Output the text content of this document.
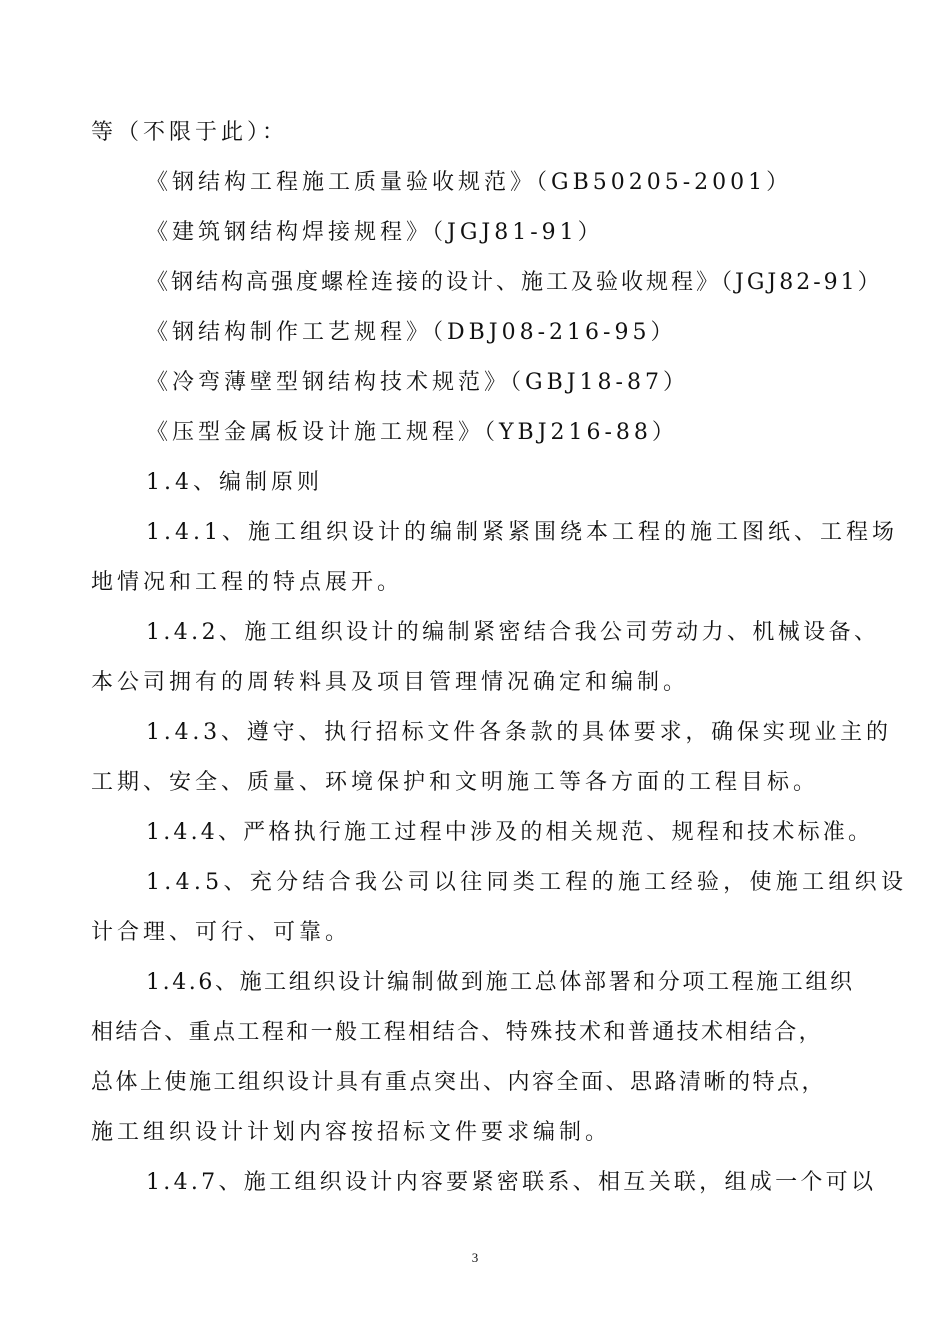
等（不限于此）：
《钢结构工程施工质量验收规范》（GB50205-2001）
《建筑钢结构焊接规程》（JGJ81-91）
《钢结构高强度螺栓连接的设计、施工及验收规程》（JGJ82-91）
《钢结构制作工艺规程》（DBJ08-216-95）
《冷弯薄壁型钢结构技术规范》（GBJ18-87）
《压型金属板设计施工规程》（YBJ216-88）
1.4、编制原则
1.4.1、施工组织设计的编制紧紧围绕本工程的施工图纸、工程场
地情况和工程的特点展开。
1.4.2、施工组织设计的编制紧密结合我公司劳动力、机械设备、
本公司拥有的周转料具及项目管理情况确定和编制。
1.4.3、遵守、执行招标文件各条款的具体要求，确保实现业主的
工期、安全、质量、环境保护和文明施工等各方面的工程目标。
1.4.4、严格执行施工过程中涉及的相关规范、规程和技术标准。
1.4.5、充分结合我公司以往同类工程的施工经验，使施工组织设
计合理、可行、可靠。
1.4.6、施工组织设计编制做到施工总体部署和分项工程施工组织
相结合、重点工程和一般工程相结合、特殊技术和普通技术相结合，
总体上使施工组织设计具有重点突出、内容全面、思路清晰的特点，
施工组织设计计划内容按招标文件要求编制。
1.4.7、施工组织设计内容要紧密联系、相互关联，组成一个可以
3
